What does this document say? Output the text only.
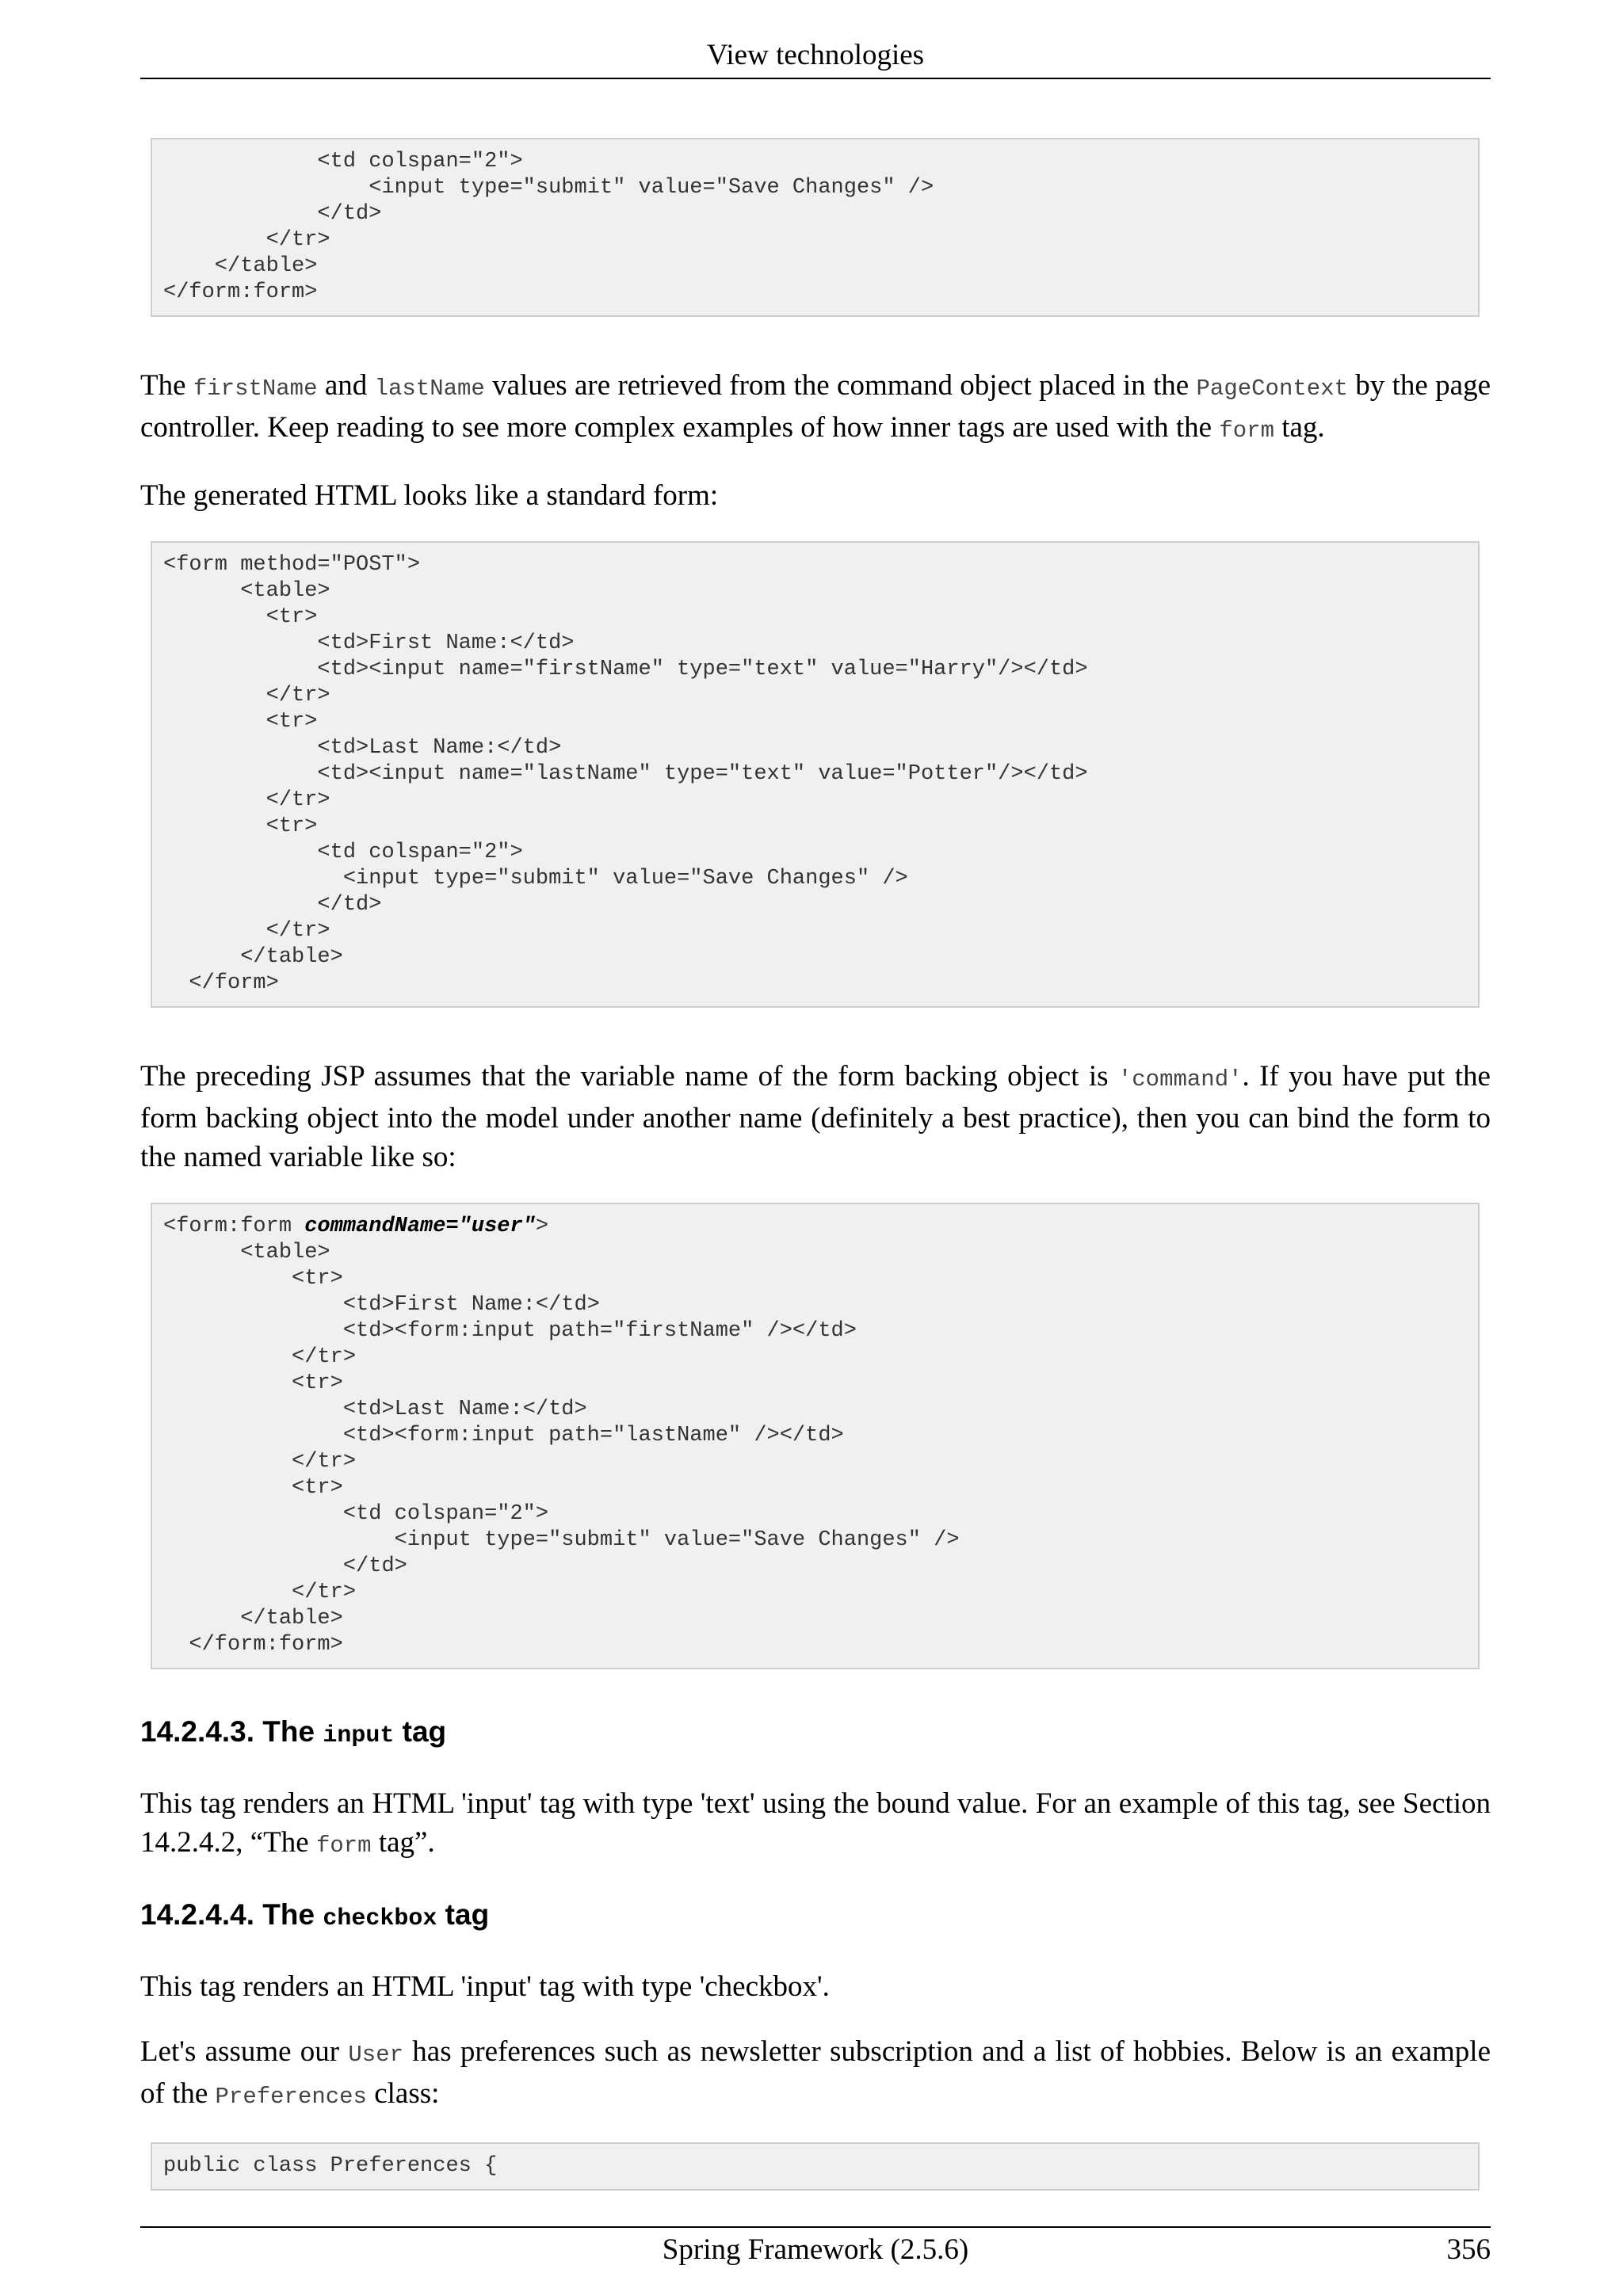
View technologies
<td colspan="2">
<input type="submit" value="Save Changes" />
</td>
</tr>
</table>
</form:form>

The firstName and lastName values are retrieved from the command object placed in the PageContext by the page controller. Keep reading to see more complex examples of how inner tags are used with the form tag.

The generated HTML looks like a standard form:

<form method="POST">
<table>
<tr>
<td>First Name:</td>
<td><input name="firstName" type="text" value="Harry"/></td>
</tr>
<tr>
<td>Last Name:</td>
<td><input name="lastName" type="text" value="Potter"/></td>
</tr>
<tr>
<td colspan="2">
<input type="submit" value="Save Changes" />
</td>
</tr>
</table>
</form>

The preceding JSP assumes that the variable name of the form backing object is 'command'. If you have put the form backing object into the model under another name (definitely a best practice), then you can bind the form to the named variable like so:

<form:form commandName="user">
<table>
<tr>
<td>First Name:</td>
<td><form:input path="firstName" /></td>
</tr>
<tr>
<td>Last Name:</td>
<td><form:input path="lastName" /></td>
</tr>
<tr>
<td colspan="2">
<input type="submit" value="Save Changes" />
</td>
</tr>
</table>
</form:form>
14.2.4.3. The input tag

This tag renders an HTML 'input' tag with type 'text' using the bound value. For an example of this tag, see Section 14.2.4.2, “The form tag”.

14.2.4.4. The checkbox tag

This tag renders an HTML 'input' tag with type 'checkbox'.

Let's assume our User has preferences such as newsletter subscription and a list of hobbies. Below is an example of the Preferences class:

public class Preferences {
Spring Framework (2.5.6)	356
